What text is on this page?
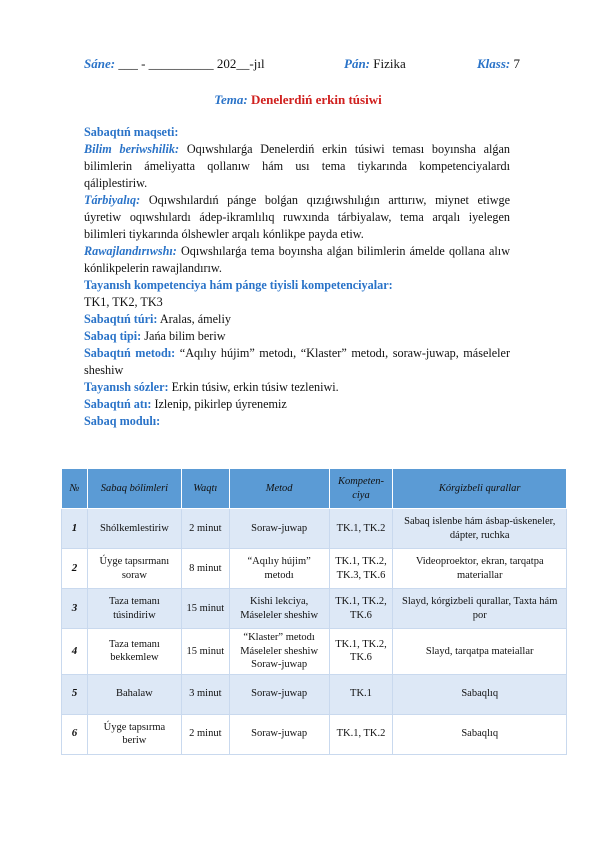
Sáne: ___ - __________ 202__-jıl	Pán: Fizika	Klass: 7
Tema: Denelerdiń erkin túsiwi

Sabaqtıń maqseti:

Bilim beriwshilik: Oqıwshılarǵa Denelerdiń erkin túsiwi teması boyınsha alǵan bilimlerin ámeliyatta qollanıw hám usı tema tiykarında kompetenciyalardı qáliplestiriw.

Tárbiyalıq: Oqıwshılardıń pánge bolǵan qızıǵıwshılıǵın arttırıw, miynet etiwge úyretiw oqıwshılardı ádep-ikramlılıq ruwxında tárbiyalaw, tema arqalı iyelegen bilimleri tiykarında ólshewler arqalı kónlikpe payda etiw.

Rawajlandırıwshı: Oqıwshılarǵa tema boyınsha alǵan bilimlerin ámelde qollana alıw kónlikpelerin rawajlandırıw.

Tayanısh kompetenciya hám pánge tiyisli kompetenciyalar:

TK1, TK2, TK3

Sabaqtıń túri: Aralas, ámeliy

Sabaq tipi: Jańa bilim beriw

Sabaqtıń metodı: “Aqılıy hújim” metodı, “Klaster” metodı, soraw-juwap, máseleler sheshiw

Tayanısh sózler: Erkin túsiw, erkin túsiw tezleniwi.

Sabaqtıń atı: Izlenip, pikirlep úyrenemiz

Sabaq modulı:

№	Sabaq bólimleri	Waqtı	Metod	Kompeten-ciya	Kórgizbeli qurallar
1	Shólkemlestiriw	2 minut	Soraw-juwap	TK.1, TK.2	Sabaq islenbe hám ásbap-úskeneler, dápter, ruchka
2	Úyge tapsırmanı soraw	8 minut	“Aqılıy hújim” metodı	TK.1, TK.2, TK.3, TK.6	Videoproektor, ekran, tarqatpa materiallar
3	Taza temanı túsindiriw	15 minut	Kishi lekciya, Máseleler sheshiw	TK.1, TK.2, TK.6	Slayd, kórgizbeli qurallar, Taxta hám por
4	Taza temanı bekkemlew	15 minut	“Klaster” metodı Máseleler sheshiw Soraw-juwap	TK.1, TK.2, TK.6	Slayd, tarqatpa mateiallar
5	Bahalaw	3 minut	Soraw-juwap	TK.1	Sabaqlıq
6	Úyge tapsırma beriw	2 minut	Soraw-juwap	TK.1, TK.2	Sabaqlıq
